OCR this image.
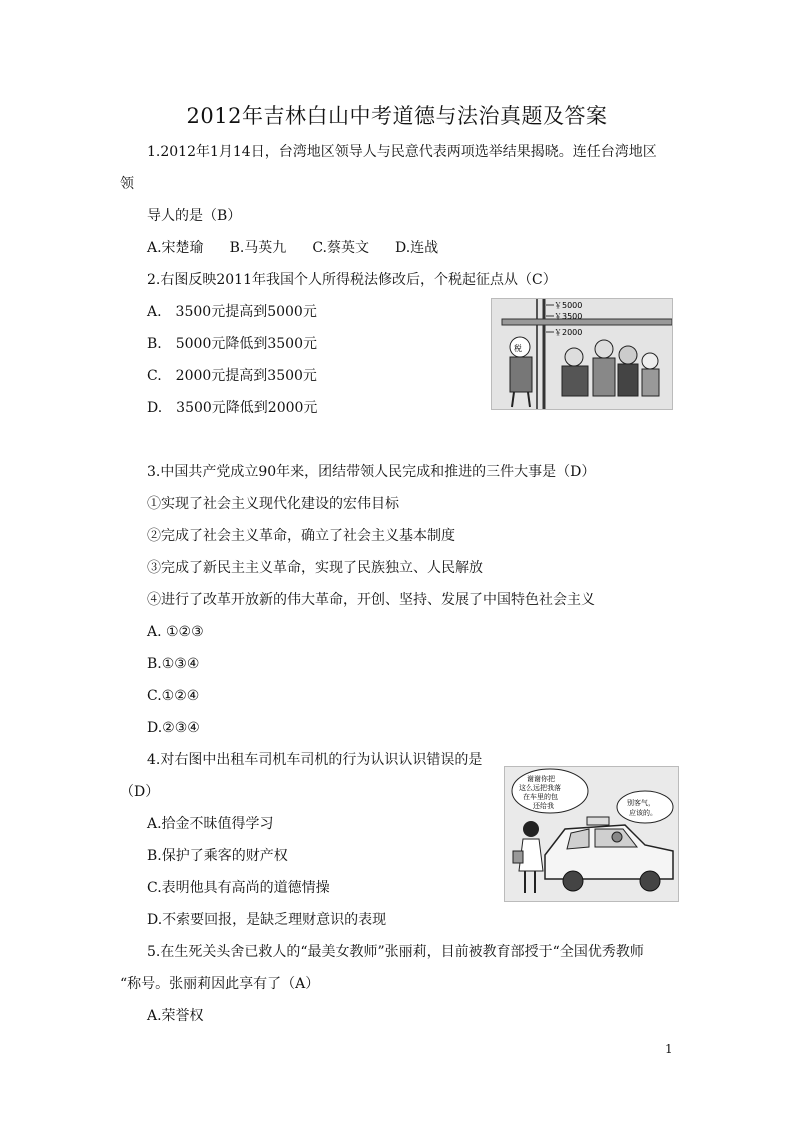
2012年吉林白山中考道德与法治真题及答案
1.2012年1月14日，台湾地区领导人与民意代表两项选举结果揭晓。连任台湾地区
领
导人的是（B）
A.宋楚瑜 B.马英九 C.蔡英文 D.连战
2.右图反映2011年我国个人所得税法修改后，个税起征点从（C）
A.　3500元提高到5000元
B.　5000元降低到3500元
C.　2000元提高到3500元
D.　3500元降低到2000元
￥5000
￥3500
￥2000
税
3.中国共产党成立90年来，团结带领人民完成和推进的三件大事是（D）
①实现了社会主义现代化建设的宏伟目标
②完成了社会主义革命，确立了社会主义基本制度
③完成了新民主主义革命，实现了民族独立、人民解放
④进行了改革开放新的伟大革命，开创、坚持、发展了中国特色社会主义
A. ①②③
B.①③④
C.①②④
D.②③④
4.对右图中出租车司机车司机的行为认识认识错误的是
（D）
A.拾金不昧值得学习
B.保护了乘客的财产权
C.表明他具有高尚的道德情操
D.不索要回报，是缺乏理财意识的表现
谢谢你把
这么远把我落
在车里的包
还给我	别客气，
应该的。
5.在生死关头舍已救人的“最美女教师”张丽莉，目前被教育部授于“全国优秀教师
“称号。张丽莉因此享有了（A）
A.荣誉权
1
